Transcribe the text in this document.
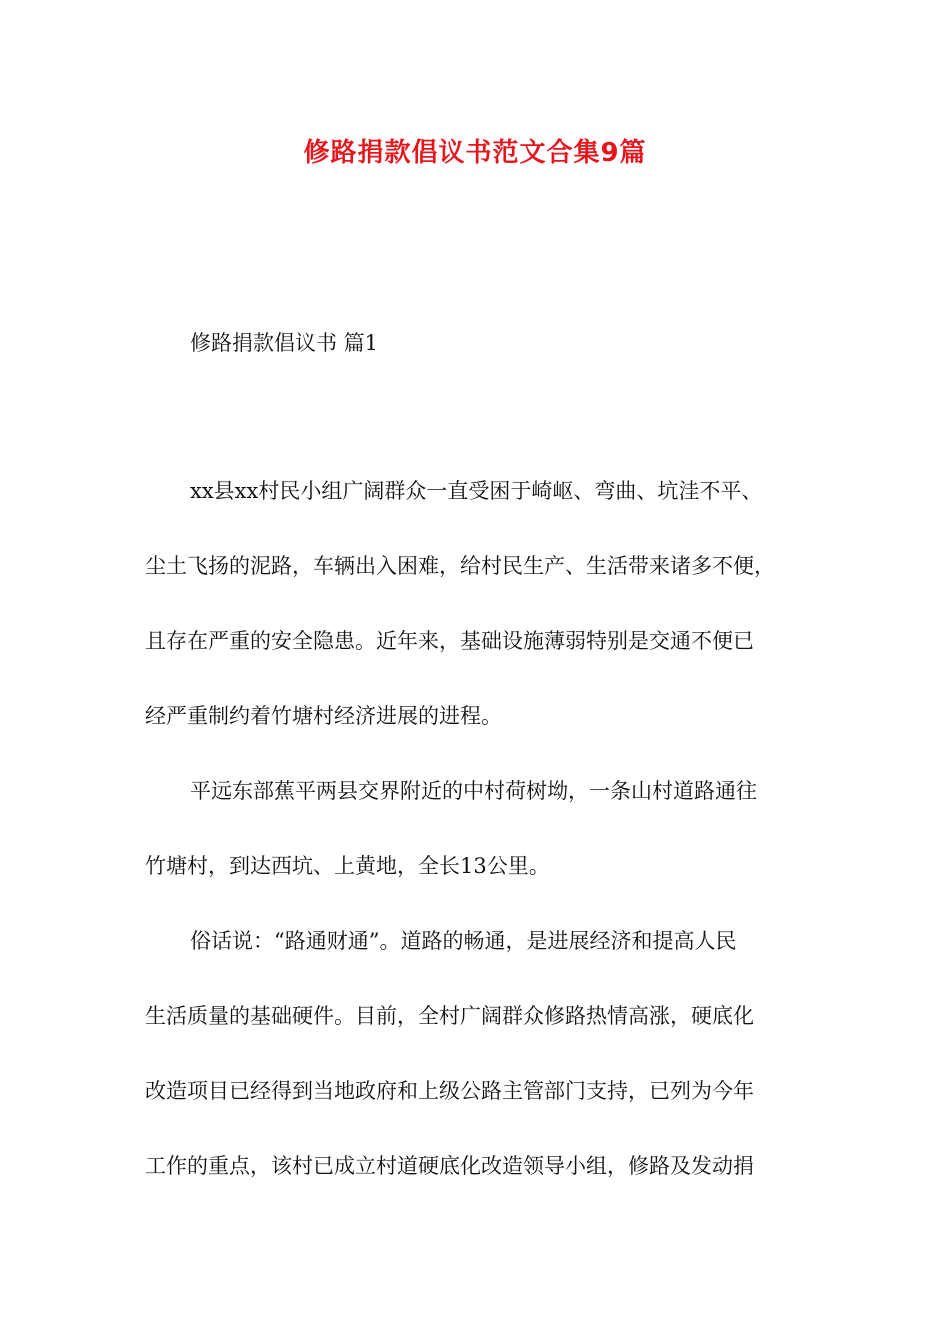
修路捐款倡议书范文合集9篇

修路捐款倡议书 篇1

xx县xx村民小组广阔群众一直受困于崎岖、弯曲、坑洼不平、
尘土飞扬的泥路，车辆出入困难，给村民生产、生活带来诸多不便，
且存在严重的安全隐患。近年来，基础设施薄弱特别是交通不便已
经严重制约着竹塘村经济进展的进程。
平远东部蕉平两县交界附近的中村荷树坳，一条山村道路通往
竹塘村，到达西坑、上黄地，全长13公里。
俗话说：“路通财通”。道路的畅通，是进展经济和提高人民
生活质量的基础硬件。目前，全村广阔群众修路热情高涨，硬底化
改造项目已经得到当地政府和上级公路主管部门支持，已列为今年
工作的重点，该村已成立村道硬底化改造领导小组，修路及发动捐
